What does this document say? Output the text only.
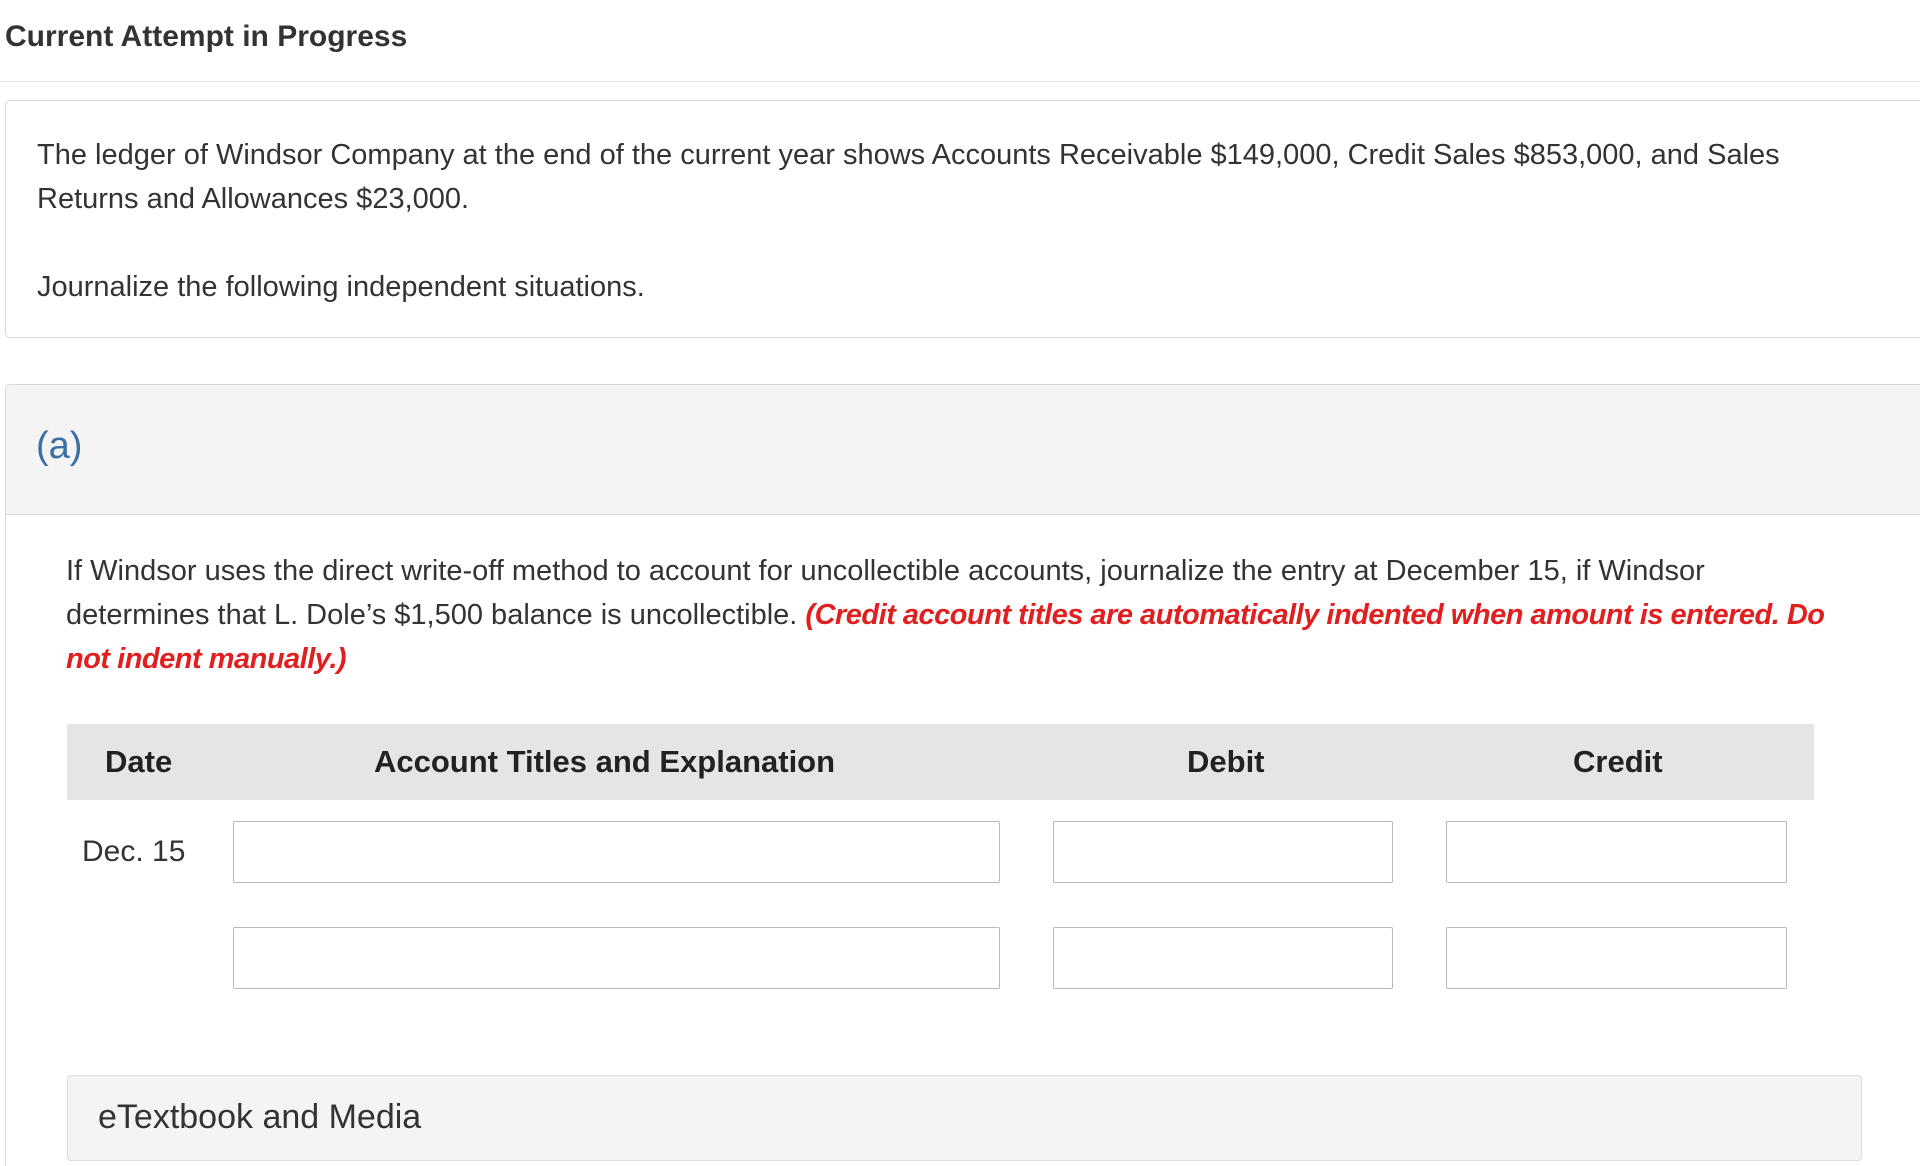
Current Attempt in Progress
The ledger of Windsor Company at the end of the current year shows Accounts Receivable $149,000, Credit Sales $853,000, and Sales Returns and Allowances $23,000.
Journalize the following independent situations.
(a)
If Windsor uses the direct write-off method to account for uncollectible accounts, journalize the entry at December 15, if Windsor determines that L. Dole’s $1,500 balance is uncollectible. (Credit account titles are automatically indented when amount is entered. Do not indent manually.)
Date	Account Titles and Explanation	Debit	Credit
Dec. 15
eTextbook and Media
